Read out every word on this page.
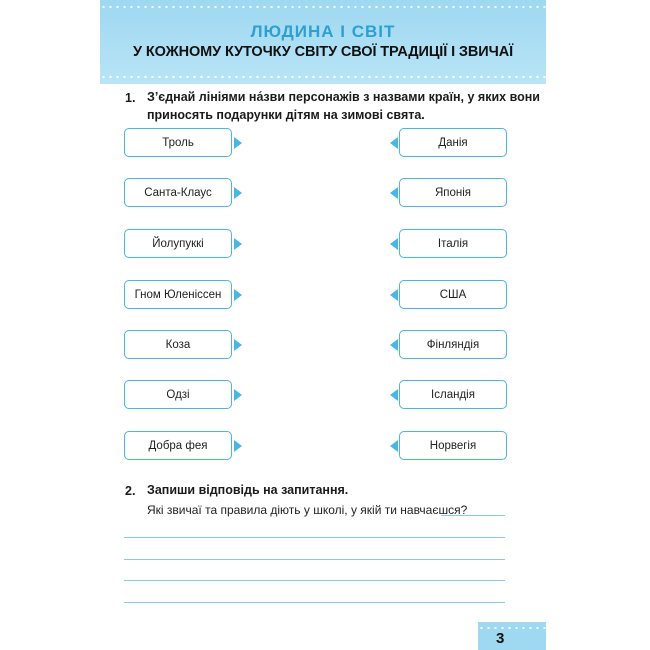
ЛЮДИНА І СВІТ
У КОЖНОМУ КУТОЧКУ СВІТУ СВОЇ ТРАДИЦІЇ І ЗВИЧАЇ
1. З’єднай лініями на́зви персонажів з назвами країн, у яких вони
приносять подарунки дітям на зимові свята.
Троль
Санта-Клаус
Йолупуккі
Гном Юленіссен
Коза
Одзі
Добра фея
Данія
Японія
Італія
США
Фінляндія
Ісландія
Норвегія
2. Запиши відповідь на запитання.
Які звичаї та правила діють у школі, у якій ти навчаєшся?
3
